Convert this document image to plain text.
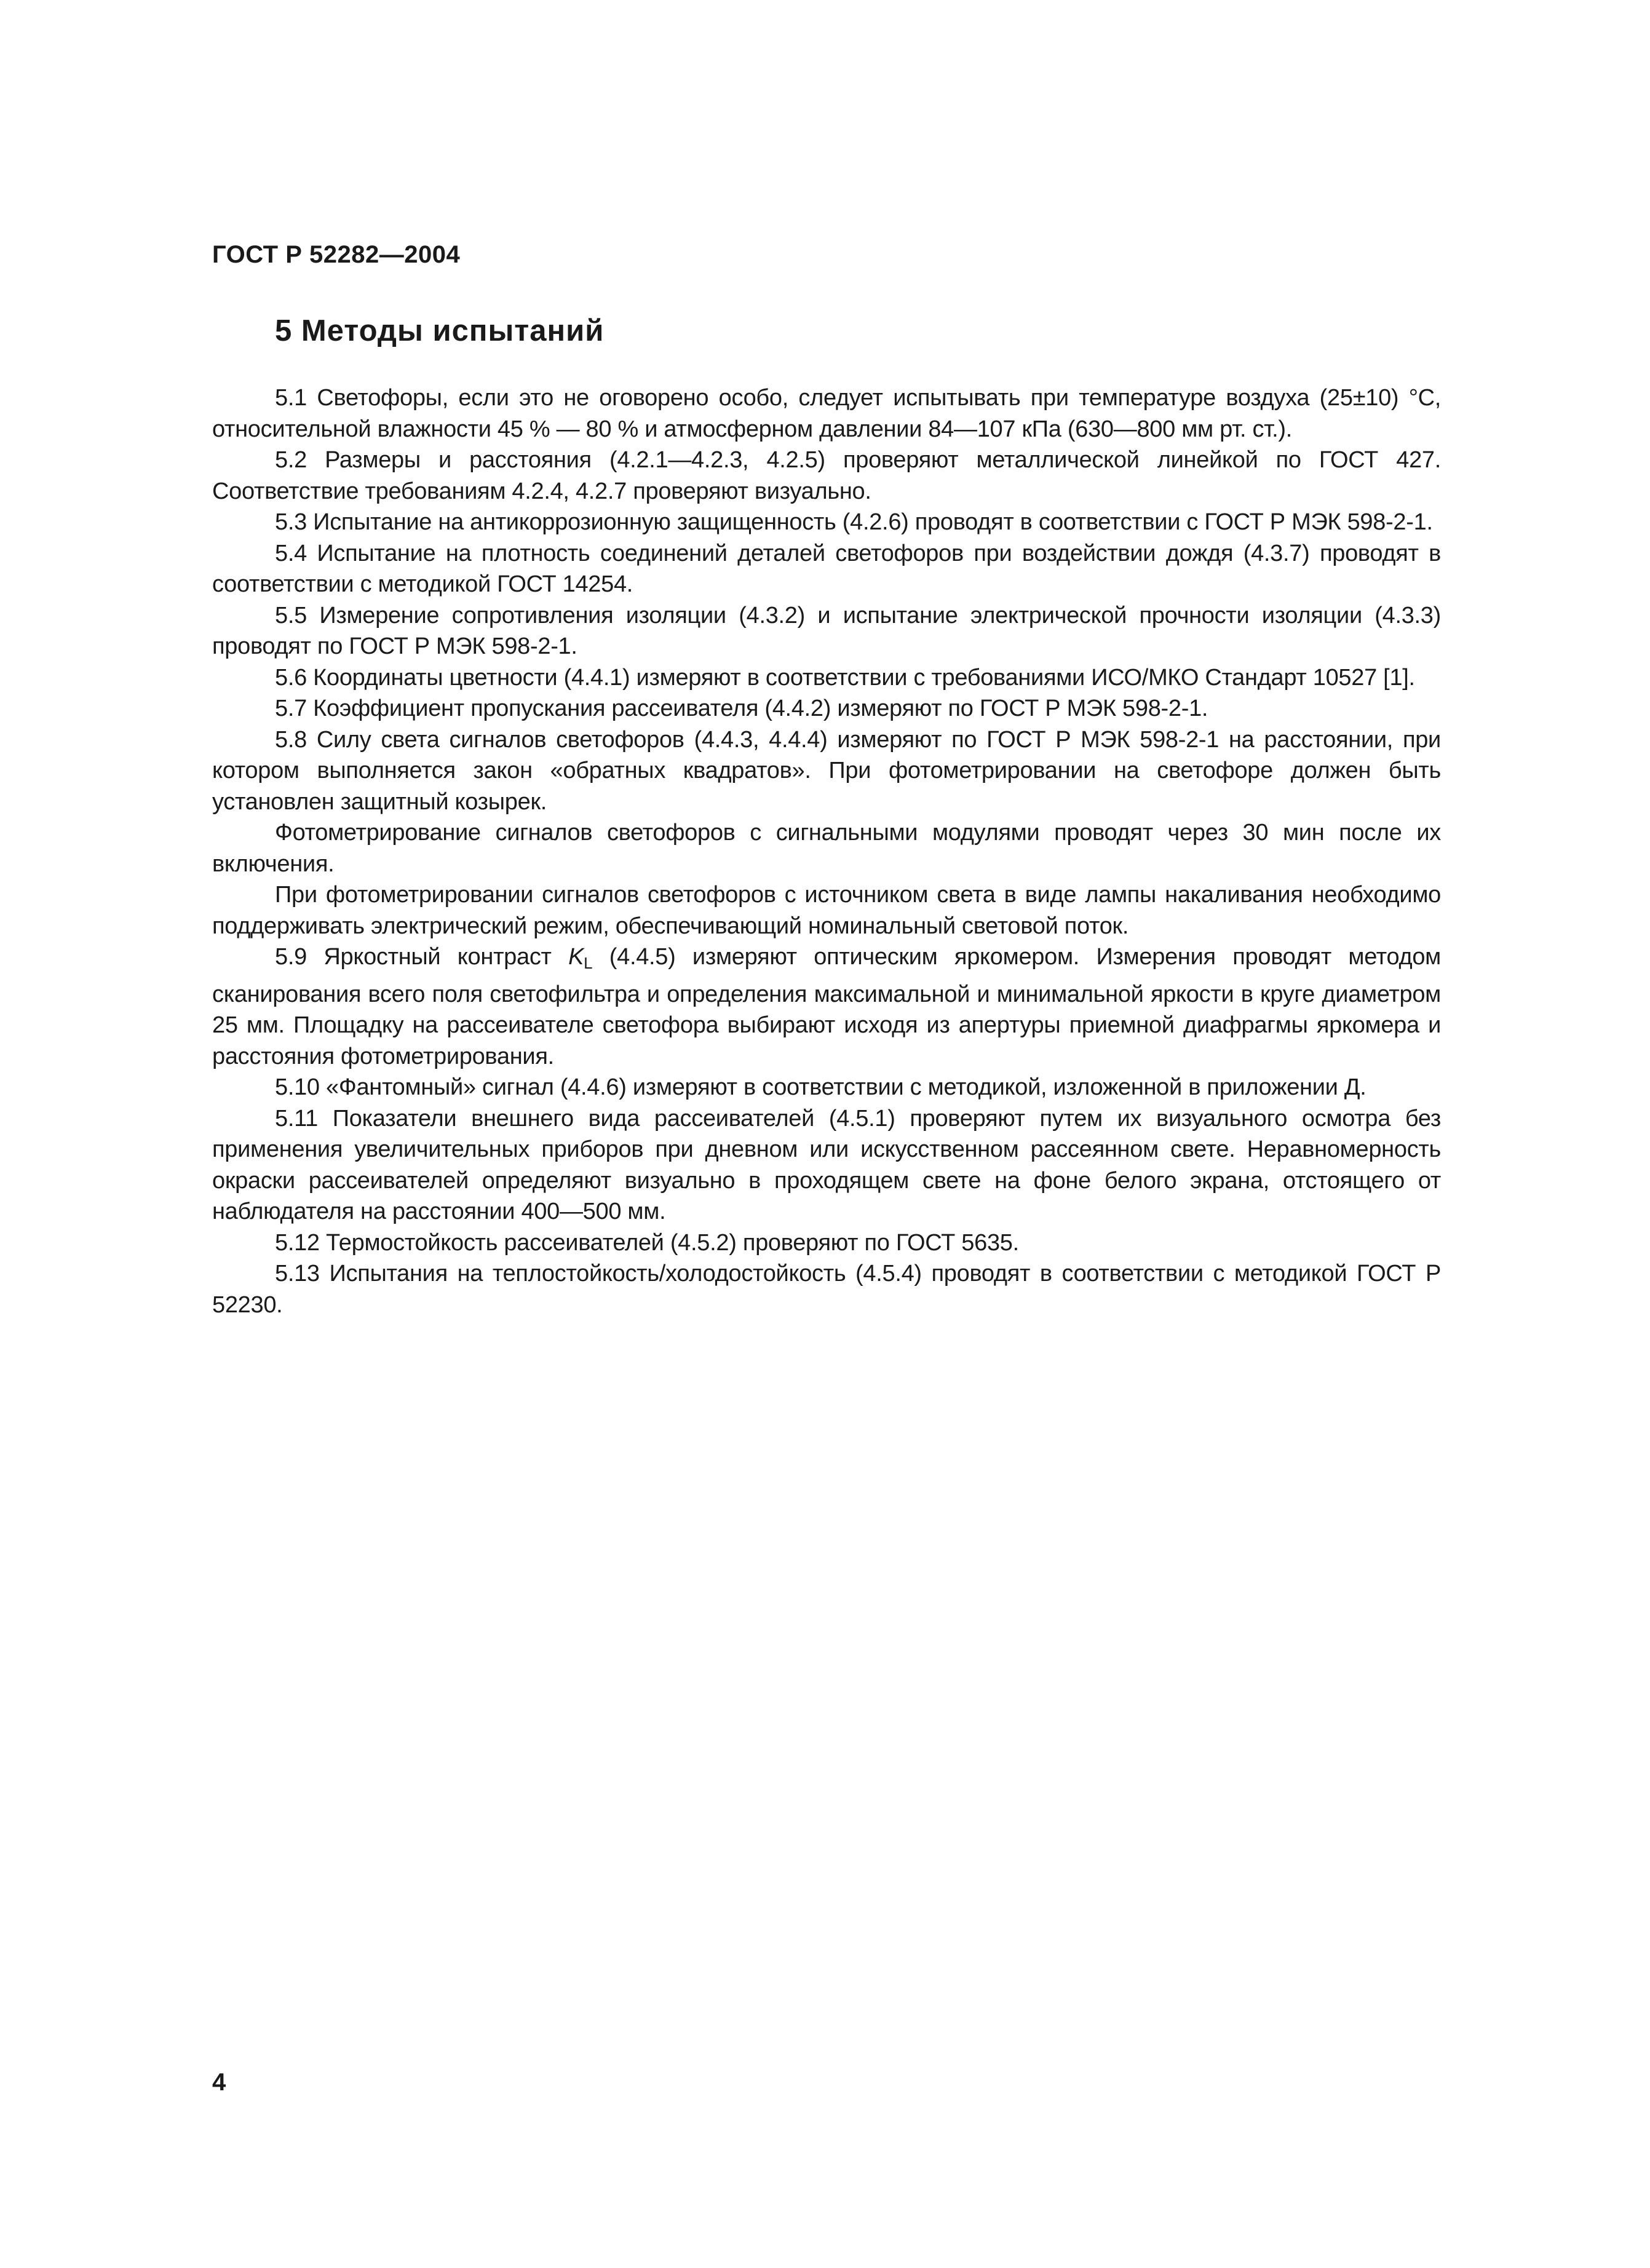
ГОСТ Р 52282—2004
5 Методы испытаний

5.1 Светофоры, если это не оговорено особо, следует испытывать при температуре воздуха (25±10) °С, относительной влажности 45 % — 80 % и атмосферном давлении 84—107 кПа (630—800 мм рт. ст.).

5.2 Размеры и расстояния (4.2.1—4.2.3, 4.2.5) проверяют металлической линейкой по ГОСТ 427. Соответствие требованиям 4.2.4, 4.2.7 проверяют визуально.

5.3 Испытание на антикоррозионную защищенность (4.2.6) проводят в соответствии с ГОСТ Р МЭК 598-2-1.

5.4 Испытание на плотность соединений деталей светофоров при воздействии дождя (4.3.7) проводят в соответствии с методикой ГОСТ 14254.

5.5 Измерение сопротивления изоляции (4.3.2) и испытание электрической прочности изоляции (4.3.3) проводят по ГОСТ Р МЭК 598-2-1.

5.6 Координаты цветности (4.4.1) измеряют в соответствии с требованиями ИСО/МКО Стандарт 10527 [1].

5.7 Коэффициент пропускания рассеивателя (4.4.2) измеряют по ГОСТ Р МЭК 598-2-1.

5.8 Силу света сигналов светофоров (4.4.3, 4.4.4) измеряют по ГОСТ Р МЭК 598-2-1 на расстоянии, при котором выполняется закон «обратных квадратов». При фотометрировании на светофоре должен быть установлен защитный козырек.

Фотометрирование сигналов светофоров с сигнальными модулями проводят через 30 мин после их включения.

При фотометрировании сигналов светофоров с источником света в виде лампы накаливания необходимо поддерживать электрический режим, обеспечивающий номинальный световой поток.

5.9 Яркостный контраст $K_L$ (4.4.5) измеряют оптическим яркомером. Измерения проводят методом сканирования всего поля светофильтра и определения максимальной и минимальной яркости в круге диаметром 25 мм. Площадку на рассеивателе светофора выбирают исходя из апертуры приемной диафрагмы яркомера и расстояния фотометрирования.

5.10 «Фантомный» сигнал (4.4.6) измеряют в соответствии с методикой, изложенной в приложении Д.

5.11 Показатели внешнего вида рассеивателей (4.5.1) проверяют путем их визуального осмотра без применения увеличительных приборов при дневном или искусственном рассеянном свете. Неравномерность окраски рассеивателей определяют визуально в проходящем свете на фоне белого экрана, отстоящего от наблюдателя на расстоянии 400—500 мм.

5.12 Термостойкость рассеивателей (4.5.2) проверяют по ГОСТ 5635.

5.13 Испытания на теплостойкость/холодостойкость (4.5.4) проводят в соответствии с методикой ГОСТ Р 52230.

4
